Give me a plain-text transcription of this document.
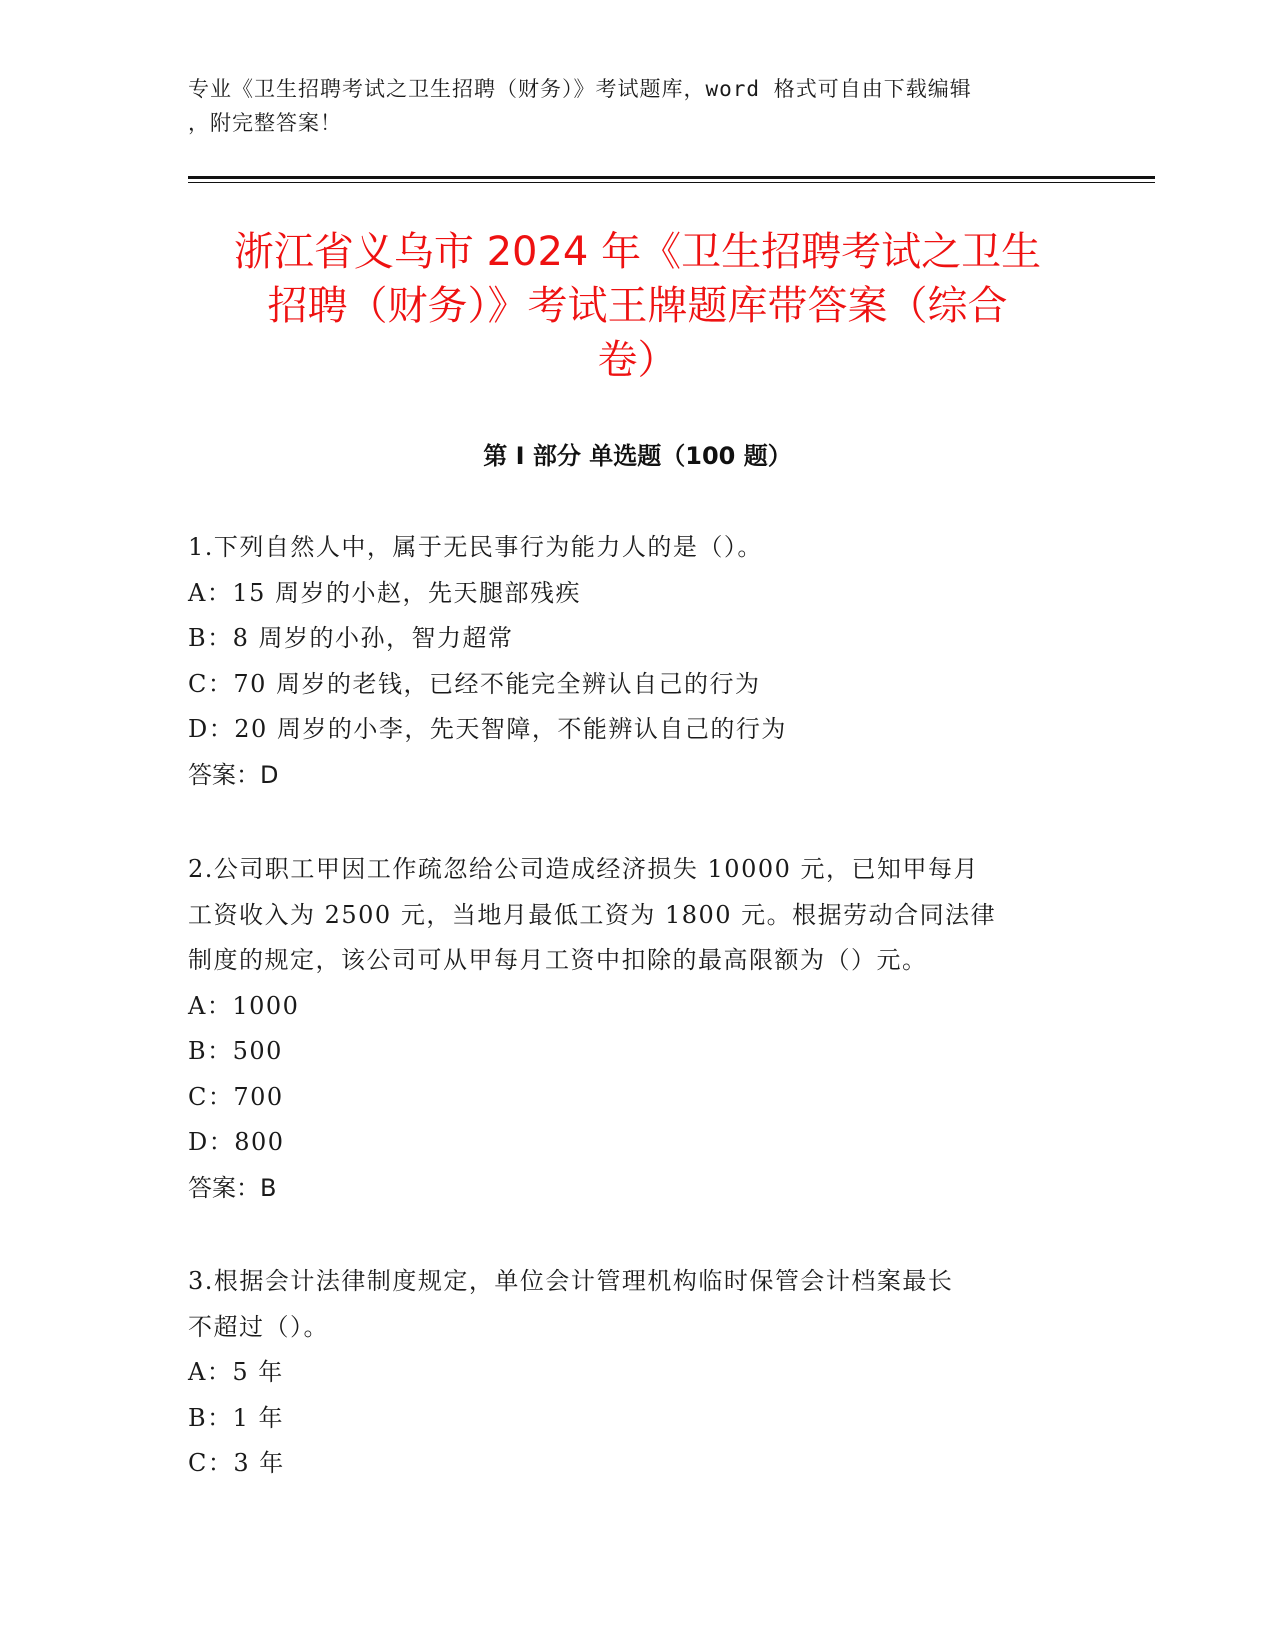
专业《卫生招聘考试之卫生招聘（财务）》考试题库，word 格式可自由下载编辑
，附完整答案！
浙江省义乌市 2024 年《卫生招聘考试之卫生
招聘（财务）》考试王牌题库带答案（综合
卷）
第 I 部分 单选题（100 题）
1.下列自然人中，属于无民事行为能力人的是（）。
A：15 周岁的小赵，先天腿部残疾
B：8 周岁的小孙，智力超常
C：70 周岁的老钱，已经不能完全辨认自己的行为
D：20 周岁的小李，先天智障，不能辨认自己的行为
答案：D
2.公司职工甲因工作疏忽给公司造成经济损失 10000 元，已知甲每月
工资收入为 2500 元，当地月最低工资为 1800 元。根据劳动合同法律
制度的规定，该公司可从甲每月工资中扣除的最高限额为（）元。
A：1000
B：500
C：700
D：800
答案：B
3.根据会计法律制度规定，单位会计管理机构临时保管会计档案最长
不超过（）。
A：5 年
B：1 年
C：3 年
